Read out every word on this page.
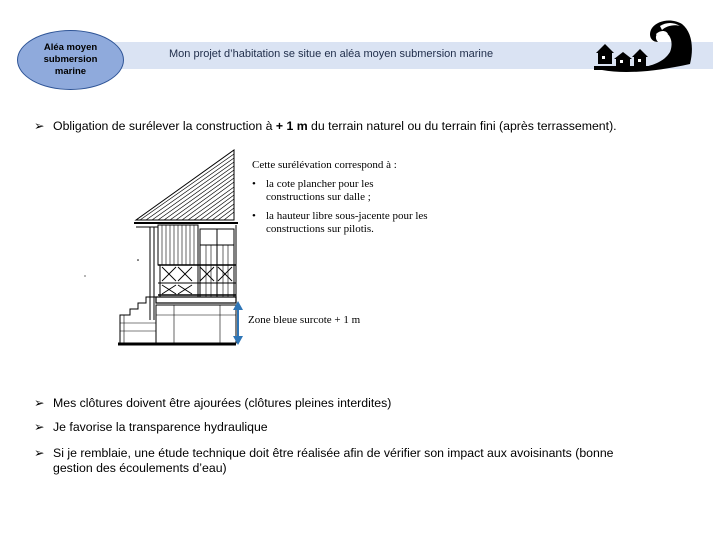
Mon projet d’habitation se situe en aléa moyen submersion marine
Aléa moyen submersion marine
➢ Obligation de surélever la construction à + 1 m du terrain naturel ou du terrain fini (après terrassement).
Cette surélévation correspond à :
• la cote plancher pour les constructions sur dalle ;
• la hauteur libre sous-jacente pour les constructions sur pilotis.
Zone bleue surcote + 1 m
➢ Mes clôtures doivent être ajourées (clôtures pleines interdites)
➢ Je favorise la transparence hydraulique
➢ Si je remblaie, une étude technique doit être réalisée afin de vérifier son impact aux avoisinants (bonne gestion des écoulements d’eau)
